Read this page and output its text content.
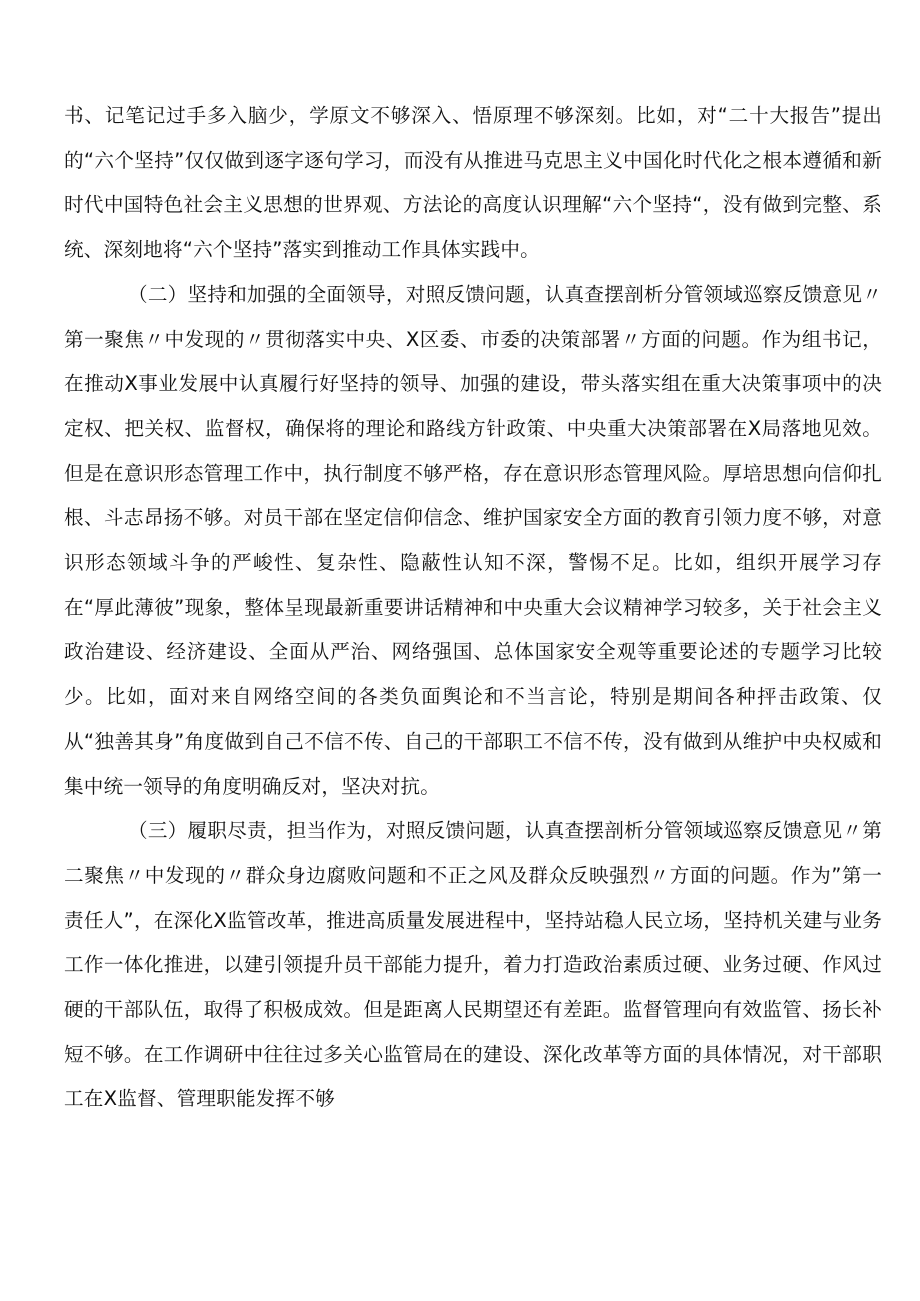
书、记笔记过手多入脑少，学原文不够深入、悟原理不够深刻。比如，对“二十大报告”提出的“六个坚持”仅仅做到逐字逐句学习，而没有从推进马克思主义中国化时代化之根本遵循和新时代中国特色社会主义思想的世界观、方法论的高度认识理解“六个坚持“，没有做到完整、系统、深刻地将“六个坚持”落实到推动工作具体实践中。

（二）坚持和加强的全面领导，对照反馈问题，认真查摆剖析分管领域巡察反馈意见〃第一聚焦〃中发现的〃贯彻落实中央、X区委、市委的决策部署〃方面的问题。作为组书记，在推动X事业发展中认真履行好坚持的领导、加强的建设，带头落实组在重大决策事项中的决定权、把关权、监督权，确保将的理论和路线方针政策、中央重大决策部署在X局落地见效。但是在意识形态管理工作中，执行制度不够严格，存在意识形态管理风险。厚培思想向信仰扎根、斗志昂扬不够。对员干部在坚定信仰信念、维护国家安全方面的教育引领力度不够，对意识形态领域斗争的严峻性、复杂性、隐蔽性认知不深，警惕不足。比如，组织开展学习存在“厚此薄彼”现象，整体呈现最新重要讲话精神和中央重大会议精神学习较多，关于社会主义政治建设、经济建设、全面从严治、网络强国、总体国家安全观等重要论述的专题学习比较少。比如，面对来自网络空间的各类负面舆论和不当言论，特别是期间各种抨击政策、仅从“独善其身”角度做到自己不信不传、自己的干部职工不信不传，没有做到从维护中央权威和集中统一领导的角度明确反对，坚决对抗。

（三）履职尽责，担当作为，对照反馈问题，认真查摆剖析分管领域巡察反馈意见〃第二聚焦〃中发现的〃群众身边腐败问题和不正之风及群众反映强烈〃方面的问题。作为”第一责任人”，在深化X监管改革，推进高质量发展进程中，坚持站稳人民立场，坚持机关建与业务工作一体化推进，以建引领提升员干部能力提升，着力打造政治素质过硬、业务过硬、作风过硬的干部队伍，取得了积极成效。但是距离人民期望还有差距。监督管理向有效监管、扬长补短不够。在工作调研中往往过多关心监管局在的建设、深化改革等方面的具体情况，对干部职工在X监督、管理职能发挥不够
